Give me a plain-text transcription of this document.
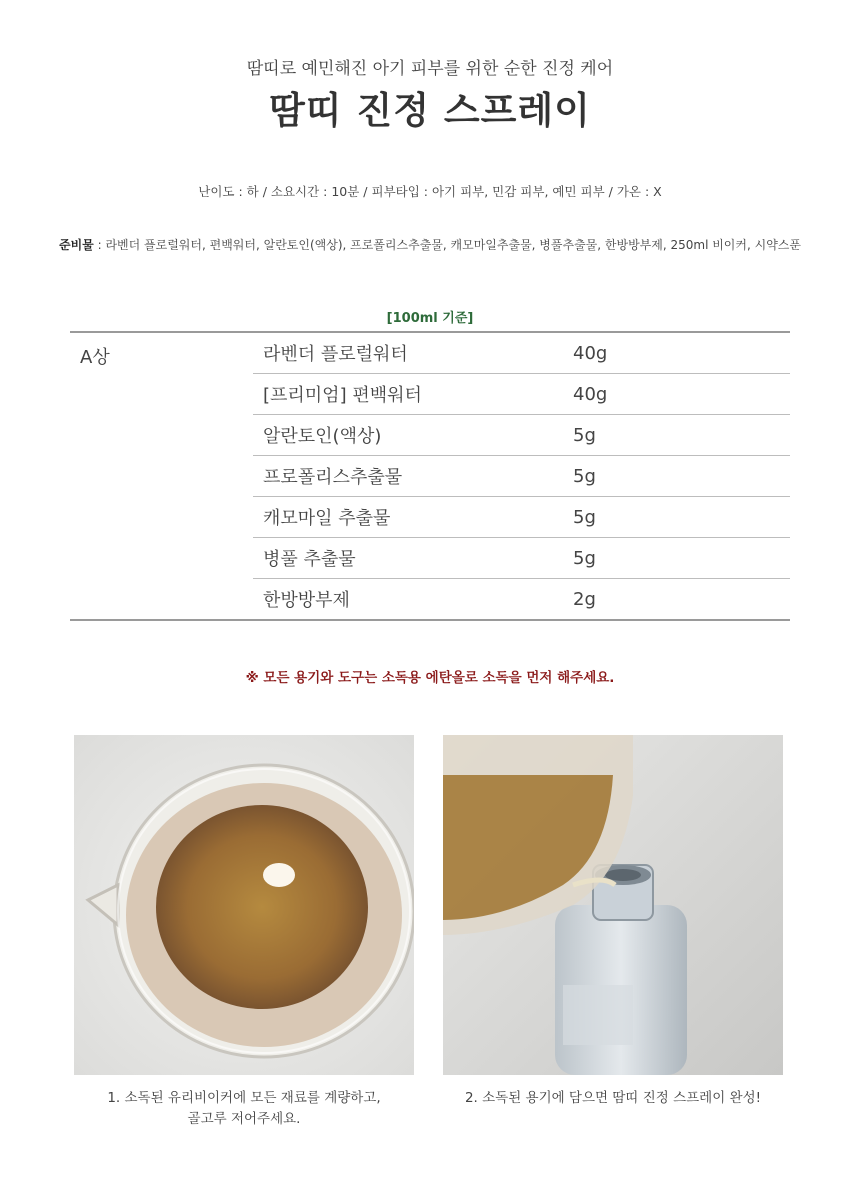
땀띠로 예민해진 아기 피부를 위한 순한 진정 케어
땀띠 진정 스프레이
난이도 : 하 / 소요시간 : 10분 / 피부타입 : 아기 피부, 민감 피부, 예민 피부 / 가온 : X
준비물 : 라벤더 플로럴워터, 편백워터, 알란토인(액상), 프로폴리스추출물, 캐모마일추출물, 병풀추출물, 한방방부제, 250ml 비이커, 시약스푼
[100ml 기준]
A상	라벤더 플로럴워터	40g
	[프리미엄] 편백워터	40g
	알란토인(액상)	5g
	프로폴리스추출물	5g
	캐모마일 추출물	5g
	병풀 추출물	5g
	한방방부제	2g
※ 모든 용기와 도구는 소독용 에탄올로 소독을 먼저 해주세요.
1. 소독된 유리비이커에 모든 재료를 계량하고,
골고루 저어주세요.
2. 소독된 용기에 담으면 땀띠 진정 스프레이 완성!
